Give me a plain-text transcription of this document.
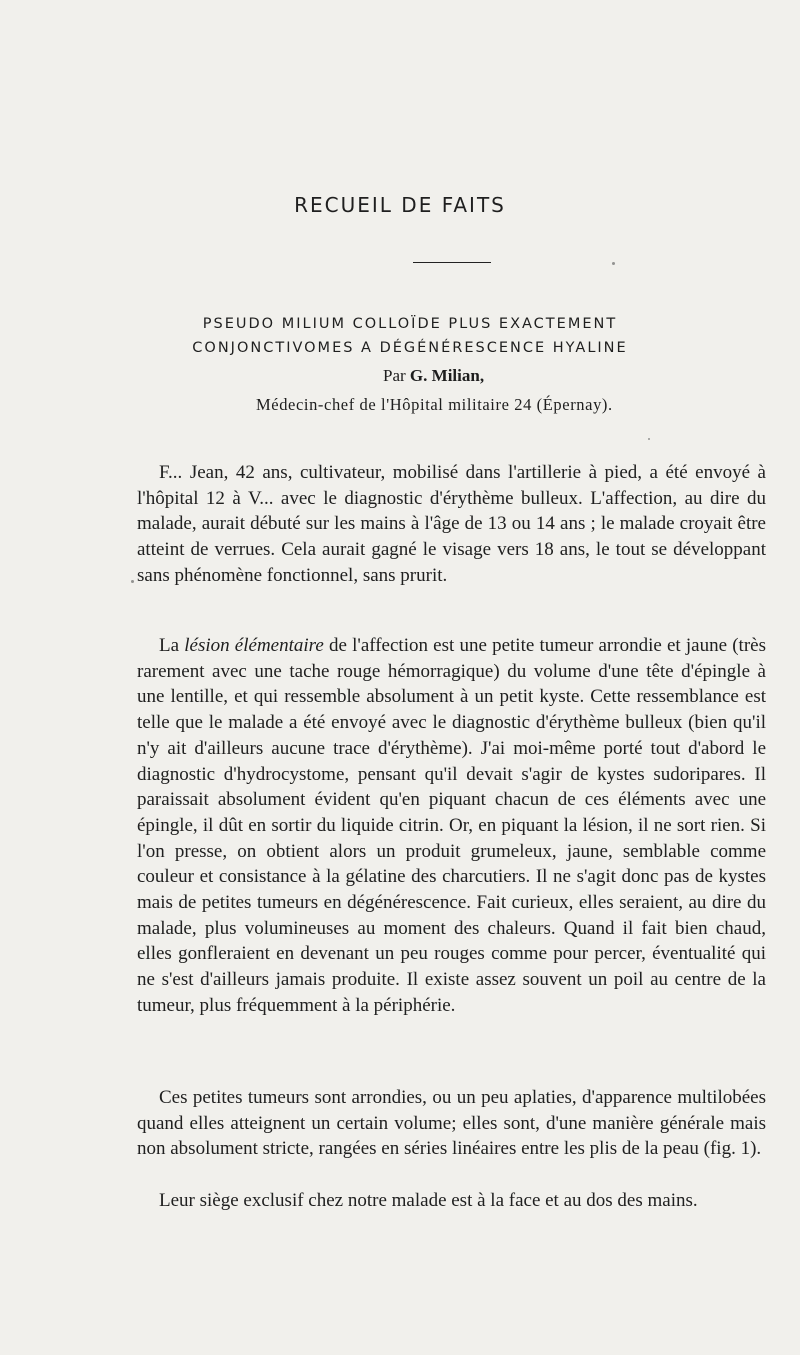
RECUEIL DE FAITS
PSEUDO MILIUM COLLOÏDE PLUS EXACTEMENT
CONJONCTIVOMES A DÉGÉNÉRESCENCE HYALINE
Par G. Milian,
Médecin-chef de l'Hôpital militaire 24 (Épernay).

F... Jean, 42 ans, cultivateur, mobilisé dans l'artillerie à pied, a été envoyé à l'hôpital 12 à V... avec le diagnostic d'érythème bulleux. L'affection, au dire du malade, aurait débuté sur les mains à l'âge de 13 ou 14 ans ; le malade croyait être atteint de verrues. Cela aurait gagné le visage vers 18 ans, le tout se développant sans phénomène fonctionnel, sans prurit.

La lésion élémentaire de l'affection est une petite tumeur arrondie et jaune (très rarement avec une tache rouge hémorragique) du volume d'une tête d'épingle à une lentille, et qui ressemble absolument à un petit kyste. Cette ressemblance est telle que le malade a été envoyé avec le diagnostic d'érythème bulleux (bien qu'il n'y ait d'ailleurs aucune trace d'érythème). J'ai moi-même porté tout d'abord le diagnostic d'hydrocystome, pensant qu'il devait s'agir de kystes sudoripares. Il paraissait absolument évident qu'en piquant chacun de ces éléments avec une épingle, il dût en sortir du liquide citrin. Or, en piquant la lésion, il ne sort rien. Si l'on presse, on obtient alors un produit grumeleux, jaune, semblable comme couleur et consistance à la gélatine des charcutiers. Il ne s'agit donc pas de kystes mais de petites tumeurs en dégénérescence. Fait curieux, elles seraient, au dire du malade, plus volumineuses au moment des chaleurs. Quand il fait bien chaud, elles gonfleraient en devenant un peu rouges comme pour percer, éventualité qui ne s'est d'ailleurs jamais produite. Il existe assez souvent un poil au centre de la tumeur, plus fréquemment à la périphérie.

Ces petites tumeurs sont arrondies, ou un peu aplaties, d'apparence multilobées quand elles atteignent un certain volume; elles sont, d'une manière générale mais non absolument stricte, rangées en séries linéaires entre les plis de la peau (fig. 1).

Leur siège exclusif chez notre malade est à la face et au dos des mains.
